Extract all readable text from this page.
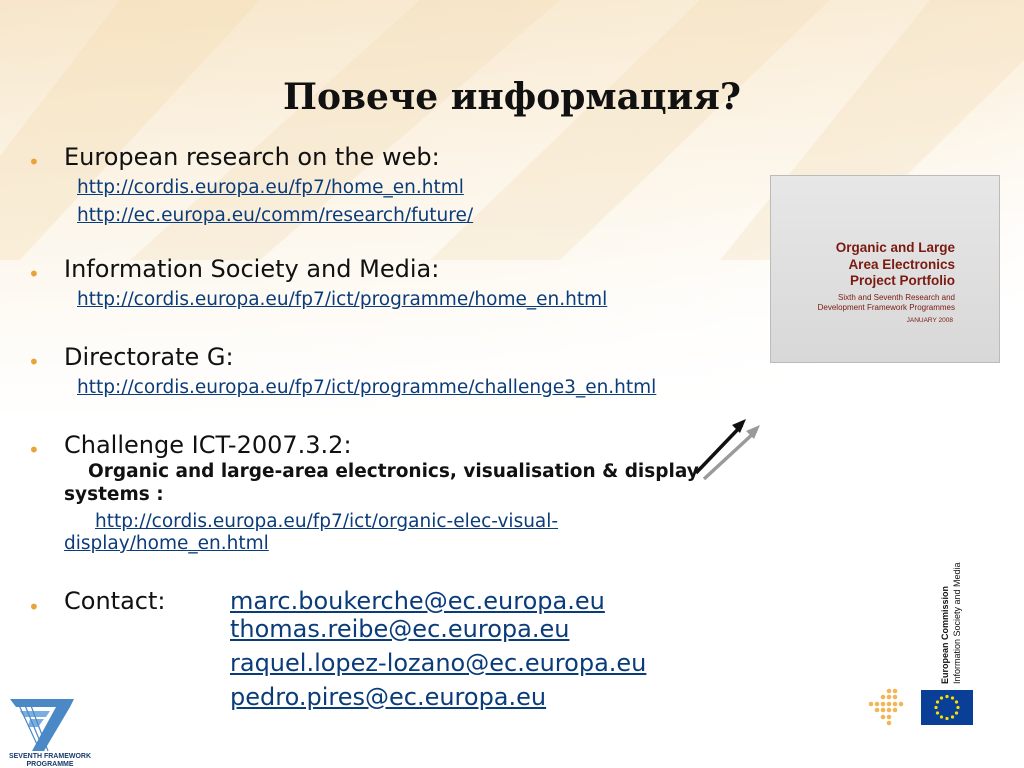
Повече информация?
• European research on the web:
http://cordis.europa.eu/fp7/home_en.html
http://ec.europa.eu/comm/research/future/
• Information Society and Media:
http://cordis.europa.eu/fp7/ict/programme/home_en.html
• Directorate G:
http://cordis.europa.eu/fp7/ict/programme/challenge3_en.html
• Challenge ICT-2007.3.2:
Organic and large-area electronics, visualisation & display
systems :
http://cordis.europa.eu/fp7/ict/organic-elec-visual-
display/home_en.html
• Contact:	marc.boukerche@ec.europa.eu
thomas.reibe@ec.europa.eu
raquel.lopez-lozano@ec.europa.eu
pedro.pires@ec.europa.eu
Organic and Large
Area Electronics
Project Portfolio
Sixth and Seventh Research and
Development Framework Programmes
JANUARY 2008
European Commission Information Society and Media
SEVENTH FRAMEWORK
PROGRAMME
